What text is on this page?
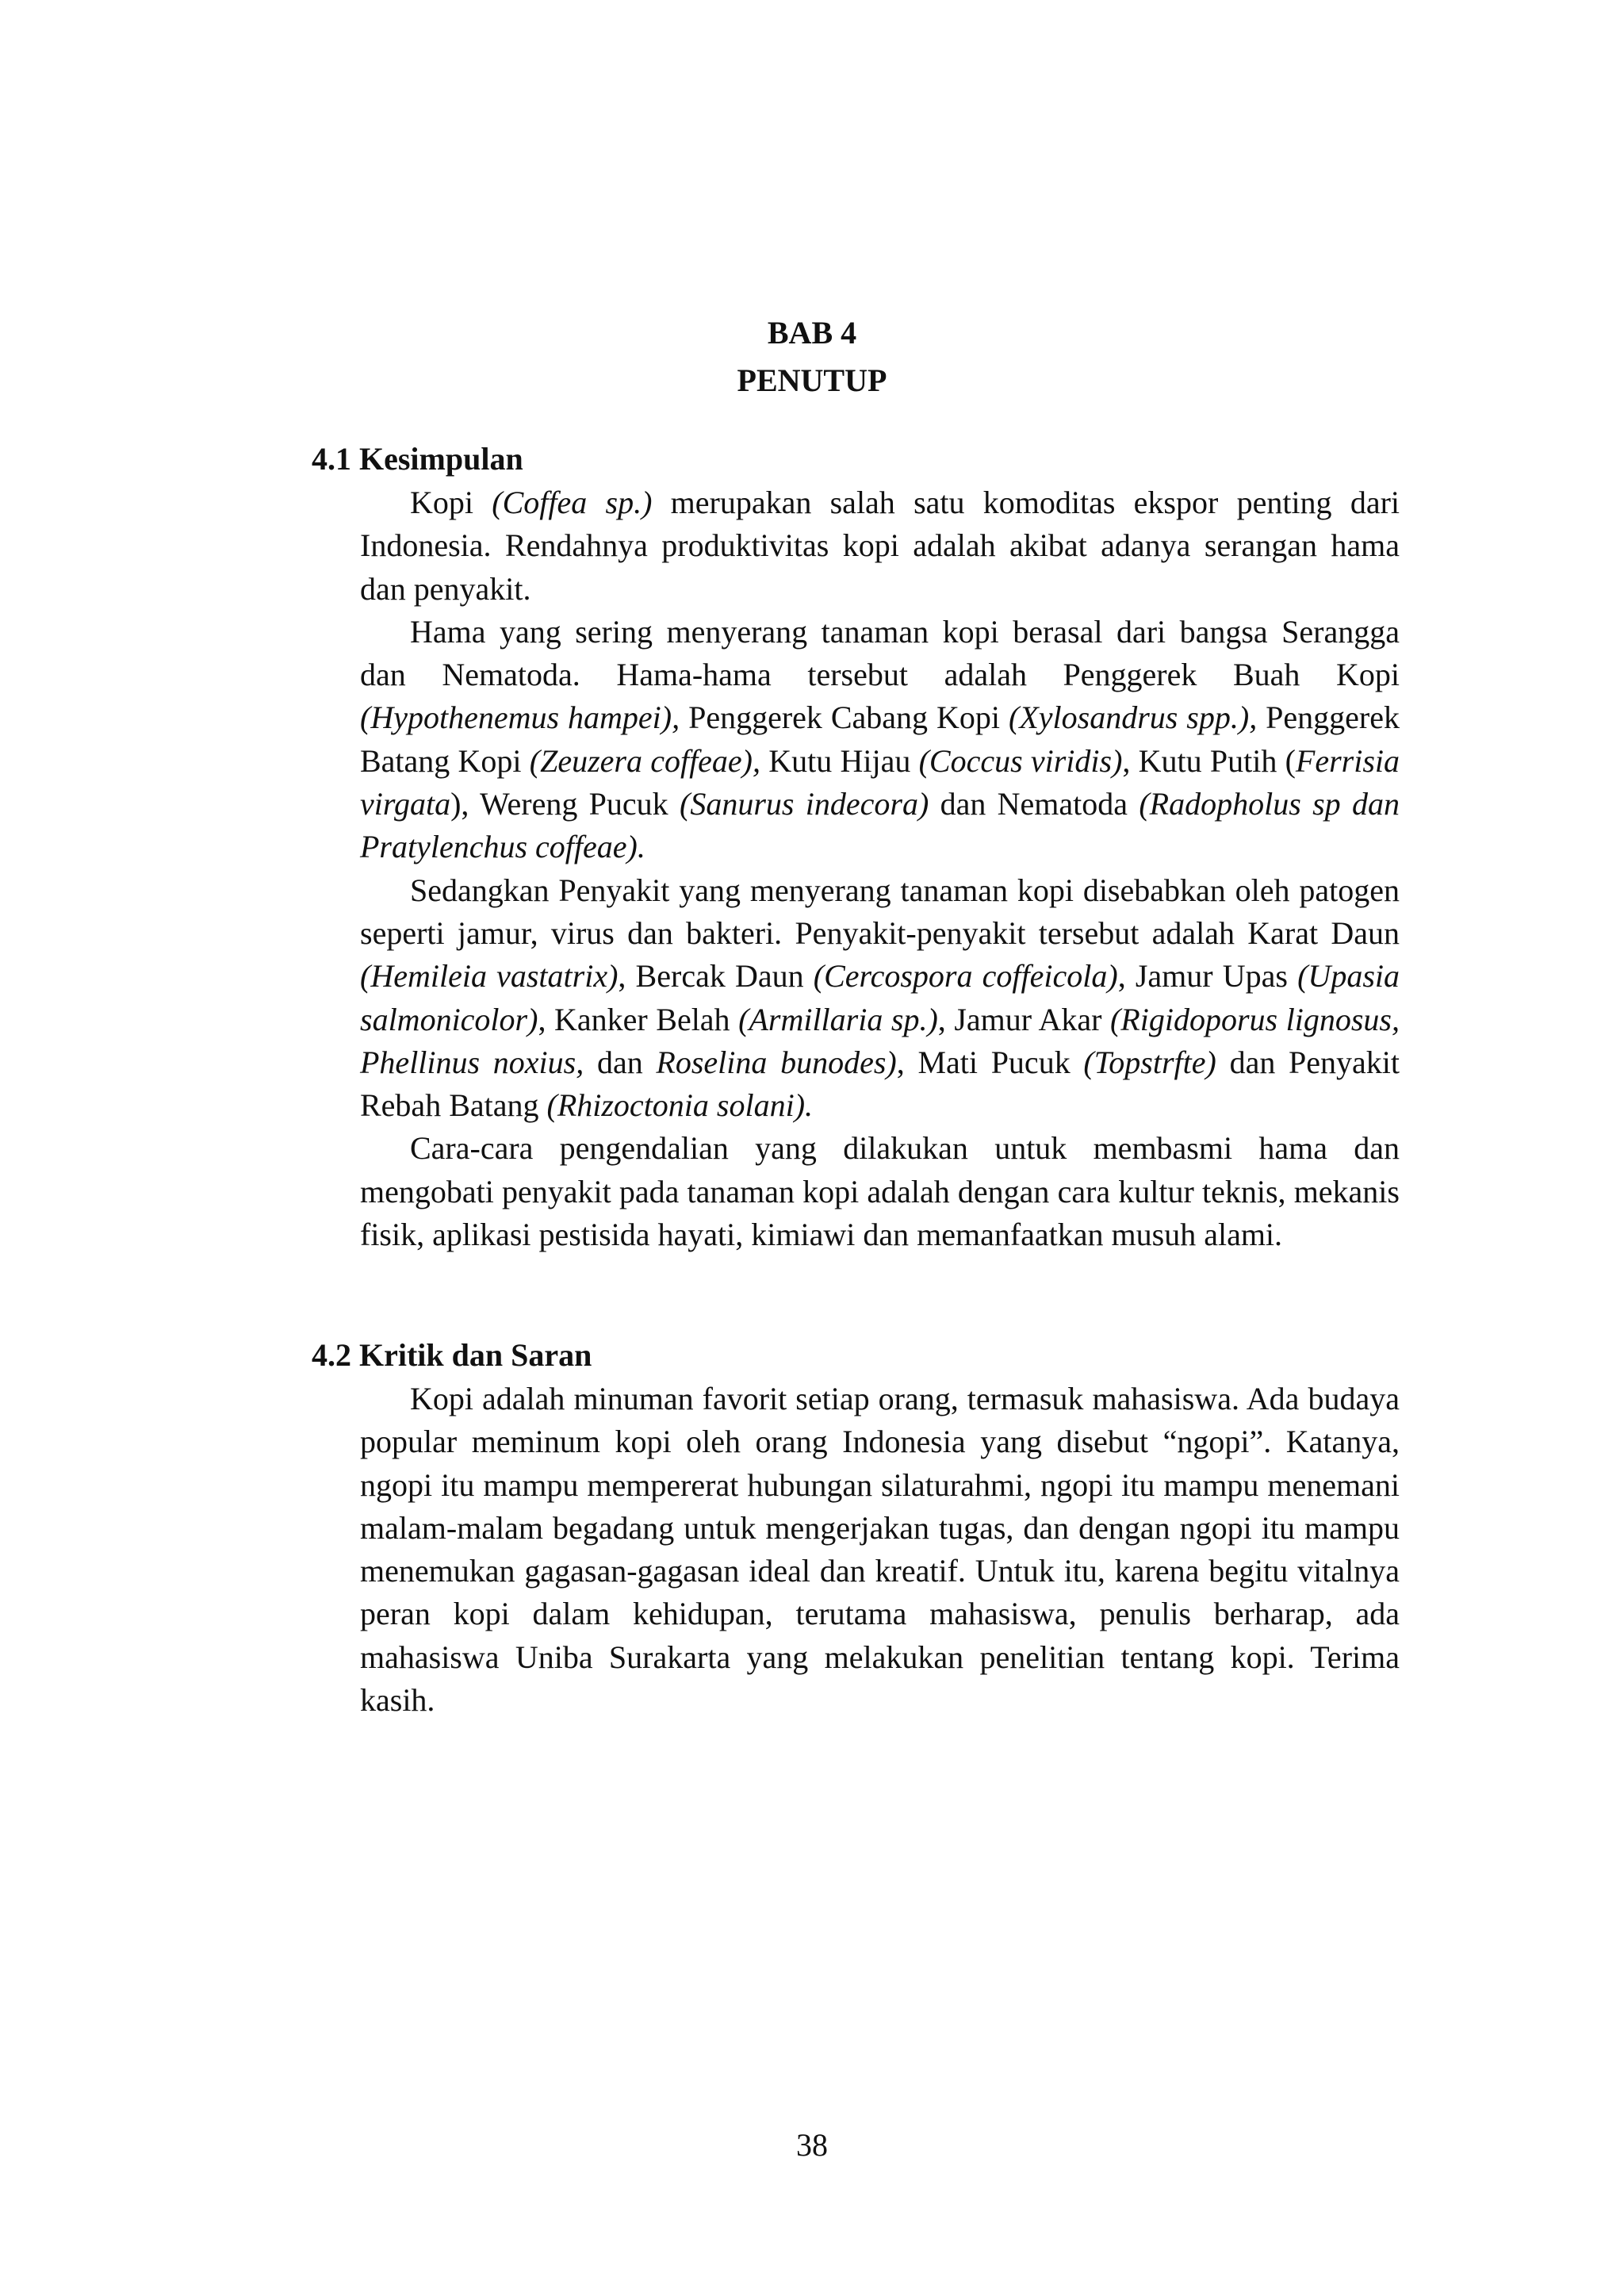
BAB 4
PENUTUP
4.1 Kesimpulan

Kopi (Coffea sp.) merupakan salah satu komoditas ekspor penting dari Indonesia. Rendahnya produktivitas kopi adalah akibat adanya serangan hama dan penyakit.

Hama yang sering menyerang tanaman kopi berasal dari bangsa Serangga dan Nematoda. Hama-hama tersebut adalah Penggerek Buah Kopi (Hypothenemus hampei), Penggerek Cabang Kopi (Xylosandrus spp.), Penggerek Batang Kopi (Zeuzera coffeae), Kutu Hijau (Coccus viridis), Kutu Putih (Ferrisia virgata), Wereng Pucuk (Sanurus indecora) dan Nematoda (Radopholus sp dan Pratylenchus coffeae).

Sedangkan Penyakit yang menyerang tanaman kopi disebabkan oleh patogen seperti jamur, virus dan bakteri. Penyakit-penyakit tersebut adalah Karat Daun (Hemileia vastatrix), Bercak Daun (Cercospora coffeicola), Jamur Upas (Upasia salmonicolor), Kanker Belah (Armillaria sp.), Jamur Akar (Rigidoporus lignosus, Phellinus noxius, dan Roselina bunodes), Mati Pucuk (Topstrfte) dan Penyakit Rebah Batang (Rhizoctonia solani).

Cara-cara pengendalian yang dilakukan untuk membasmi hama dan mengobati penyakit pada tanaman kopi adalah dengan cara kultur teknis, mekanis fisik, aplikasi pestisida hayati, kimiawi dan memanfaatkan musuh alami.

4.2 Kritik dan Saran

Kopi adalah minuman favorit setiap orang, termasuk mahasiswa. Ada budaya popular meminum kopi oleh orang Indonesia yang disebut “ngopi”. Katanya, ngopi itu mampu mempererat hubungan silaturahmi, ngopi itu mampu menemani malam-malam begadang untuk mengerjakan tugas, dan dengan ngopi itu mampu menemukan gagasan-gagasan ideal dan kreatif. Untuk itu, karena begitu vitalnya peran kopi dalam kehidupan, terutama mahasiswa, penulis berharap, ada mahasiswa Uniba Surakarta yang melakukan penelitian tentang kopi. Terima kasih.

38
